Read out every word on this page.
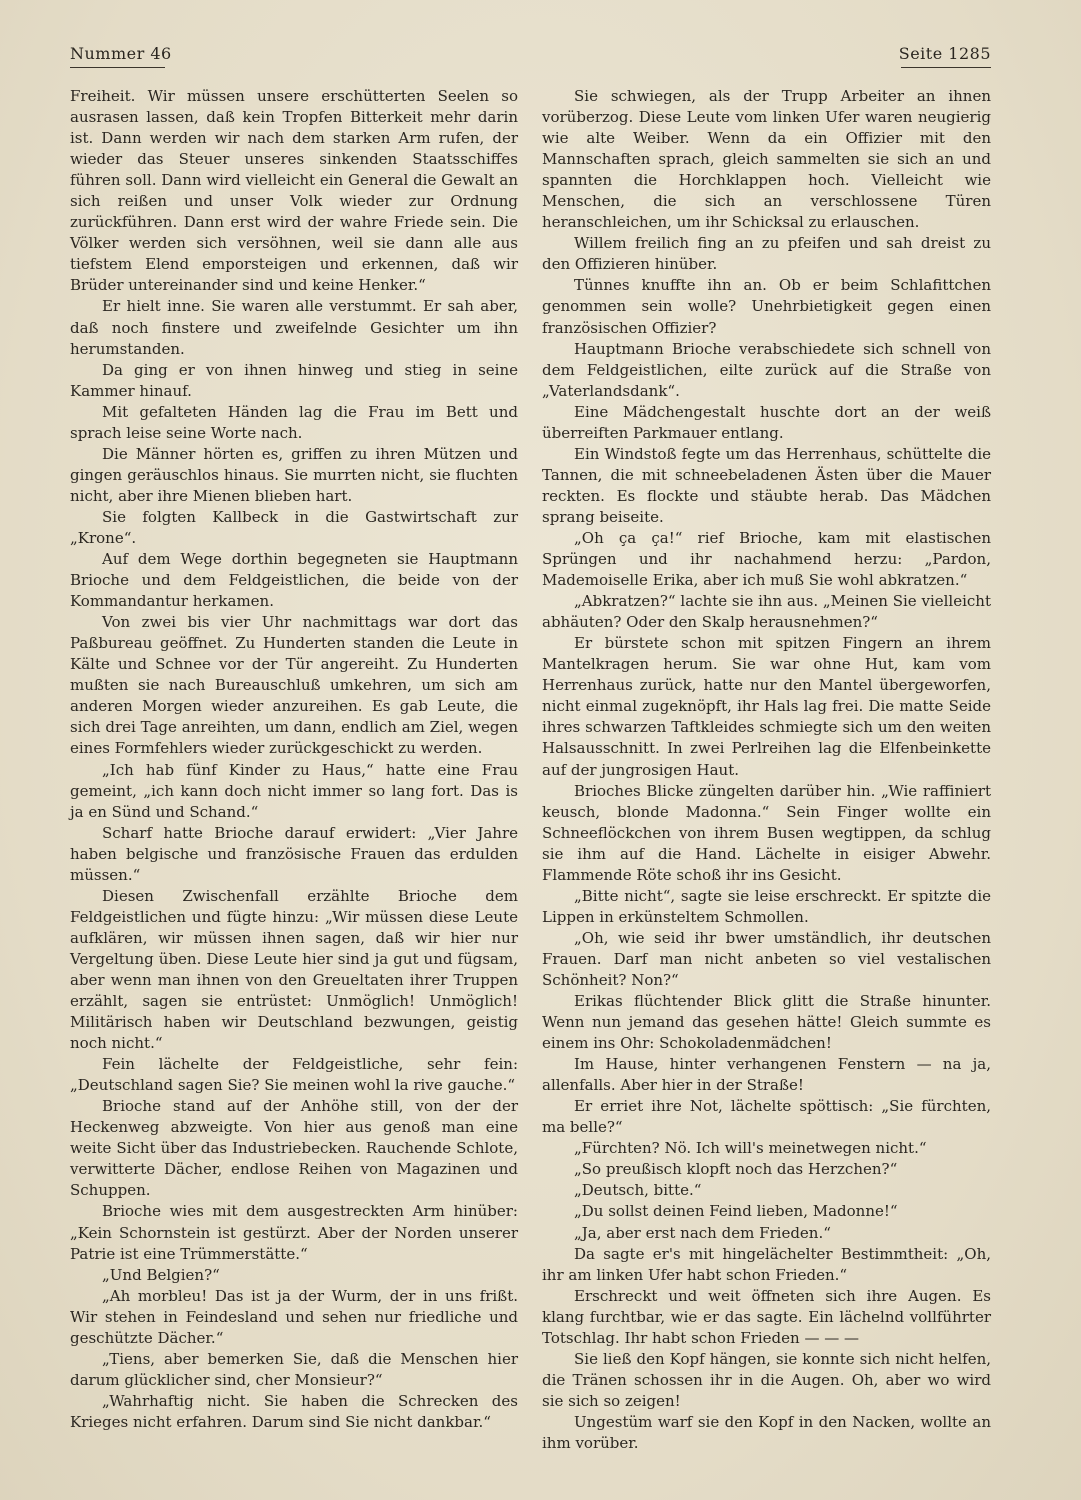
Nummer 46	Seite 1285

Freiheit. Wir müssen unsere erschütterten Seelen so ausrasen lassen, daß kein Tropfen Bitterkeit mehr darin ist. Dann werden wir nach dem starken Arm rufen, der wieder das Steuer unseres sinkenden Staatsschiffes führen soll. Dann wird vielleicht ein General die Gewalt an sich reißen und unser Volk wieder zur Ordnung zurückführen. Dann erst wird der wahre Friede sein. Die Völker werden sich versöhnen, weil sie dann alle aus tiefstem Elend emporsteigen und erkennen, daß wir Brüder untereinander sind und keine Henker.“

Er hielt inne. Sie waren alle verstummt. Er sah aber, daß noch finstere und zweifelnde Gesichter um ihn herumstanden.

Da ging er von ihnen hinweg und stieg in seine Kammer hinauf.

Mit gefalteten Händen lag die Frau im Bett und sprach leise seine Worte nach.

Die Männer hörten es, griffen zu ihren Mützen und gingen geräuschlos hinaus. Sie murrten nicht, sie fluchten nicht, aber ihre Mienen blieben hart.

Sie folgten Kallbeck in die Gastwirtschaft zur „Krone“.

Auf dem Wege dorthin begegneten sie Hauptmann Brioche und dem Feldgeistlichen, die beide von der Kommandantur herkamen.

Von zwei bis vier Uhr nachmittags war dort das Paßbureau geöffnet. Zu Hunderten standen die Leute in Kälte und Schnee vor der Tür angereiht. Zu Hunderten mußten sie nach Bureauschluß umkehren, um sich am anderen Morgen wieder anzureihen. Es gab Leute, die sich drei Tage anreihten, um dann, endlich am Ziel, wegen eines Formfehlers wieder zurückgeschickt zu werden.

„Ich hab fünf Kinder zu Haus,“ hatte eine Frau gemeint, „ich kann doch nicht immer so lang fort. Das is ja en Sünd und Schand.“

Scharf hatte Brioche darauf erwidert: „Vier Jahre haben belgische und französische Frauen das erdulden müssen.“

Diesen Zwischenfall erzählte Brioche dem Feldgeistlichen und fügte hinzu: „Wir müssen diese Leute aufklären, wir müssen ihnen sagen, daß wir hier nur Vergeltung üben. Diese Leute hier sind ja gut und fügsam, aber wenn man ihnen von den Greueltaten ihrer Truppen erzählt, sagen sie entrüstet: Unmöglich! Unmöglich! Militärisch haben wir Deutschland bezwungen, geistig noch nicht.“

Fein lächelte der Feldgeistliche, sehr fein: „Deutschland sagen Sie? Sie meinen wohl la rive gauche.“

Brioche stand auf der Anhöhe still, von der der Heckenweg abzweigte. Von hier aus genoß man eine weite Sicht über das Industriebecken. Rauchende Schlote, verwitterte Dächer, endlose Reihen von Magazinen und Schuppen.

Brioche wies mit dem ausgestreckten Arm hinüber: „Kein Schornstein ist gestürzt. Aber der Norden unserer Patrie ist eine Trümmerstätte.“

„Und Belgien?“

„Ah morbleu! Das ist ja der Wurm, der in uns frißt. Wir stehen in Feindesland und sehen nur friedliche und geschützte Dächer.“

„Tiens, aber bemerken Sie, daß die Menschen hier darum glücklicher sind, cher Monsieur?“

„Wahrhaftig nicht. Sie haben die Schrecken des Krieges nicht erfahren. Darum sind Sie nicht dankbar.“

Sie schwiegen, als der Trupp Arbeiter an ihnen vorüberzog. Diese Leute vom linken Ufer waren neugierig wie alte Weiber. Wenn da ein Offizier mit den Mannschaften sprach, gleich sammelten sie sich an und spannten die Horchklappen hoch. Vielleicht wie Menschen, die sich an verschlossene Türen heranschleichen, um ihr Schicksal zu erlauschen.

Willem freilich fing an zu pfeifen und sah dreist zu den Offizieren hinüber.

Tünnes knuffte ihn an. Ob er beim Schlafittchen genommen sein wolle? Unehrbietigkeit gegen einen französischen Offizier?

Hauptmann Brioche verabschiedete sich schnell von dem Feldgeistlichen, eilte zurück auf die Straße von „Vaterlandsdank“.

Eine Mädchengestalt huschte dort an der weiß überreiften Parkmauer entlang.

Ein Windstoß fegte um das Herrenhaus, schüttelte die Tannen, die mit schneebeladenen Ästen über die Mauer reckten. Es flockte und stäubte herab. Das Mädchen sprang beiseite.

„Oh ça ça!“ rief Brioche, kam mit elastischen Sprüngen und ihr nachahmend herzu: „Pardon, Mademoiselle Erika, aber ich muß Sie wohl abkratzen.“

„Abkratzen?“ lachte sie ihn aus. „Meinen Sie vielleicht abhäuten? Oder den Skalp herausnehmen?“

Er bürstete schon mit spitzen Fingern an ihrem Mantelkragen herum. Sie war ohne Hut, kam vom Herrenhaus zurück, hatte nur den Mantel übergeworfen, nicht einmal zugeknöpft, ihr Hals lag frei. Die matte Seide ihres schwarzen Taftkleides schmiegte sich um den weiten Halsausschnitt. In zwei Perlreihen lag die Elfenbeinkette auf der jungrosigen Haut.

Brioches Blicke züngelten darüber hin. „Wie raffiniert keusch, blonde Madonna.“ Sein Finger wollte ein Schneeflöckchen von ihrem Busen wegtippen, da schlug sie ihm auf die Hand. Lächelte in eisiger Abwehr. Flammende Röte schoß ihr ins Gesicht.

„Bitte nicht“, sagte sie leise erschreckt. Er spitzte die Lippen in erkünsteltem Schmollen.

„Oh, wie seid ihr bwer umständlich, ihr deutschen Frauen. Darf man nicht anbeten so viel vestalischen Schönheit? Non?“

Erikas flüchtender Blick glitt die Straße hinunter. Wenn nun jemand das gesehen hätte! Gleich summte es einem ins Ohr: Schokoladenmädchen!

Im Hause, hinter verhangenen Fenstern — na ja, allenfalls. Aber hier in der Straße!

Er erriet ihre Not, lächelte spöttisch: „Sie fürchten, ma belle?“

„Fürchten? Nö. Ich will's meinetwegen nicht.“

„So preußisch klopft noch das Herzchen?“

„Deutsch, bitte.“

„Du sollst deinen Feind lieben, Madonne!“

„Ja, aber erst nach dem Frieden.“

Da sagte er's mit hingelächelter Bestimmtheit: „Oh, ihr am linken Ufer habt schon Frieden.“

Erschreckt und weit öffneten sich ihre Augen. Es klang furchtbar, wie er das sagte. Ein lächelnd vollführter Totschlag. Ihr habt schon Frieden — — —

Sie ließ den Kopf hängen, sie konnte sich nicht helfen, die Tränen schossen ihr in die Augen. Oh, aber wo wird sie sich so zeigen!

Ungestüm warf sie den Kopf in den Nacken, wollte an ihm vorüber.
